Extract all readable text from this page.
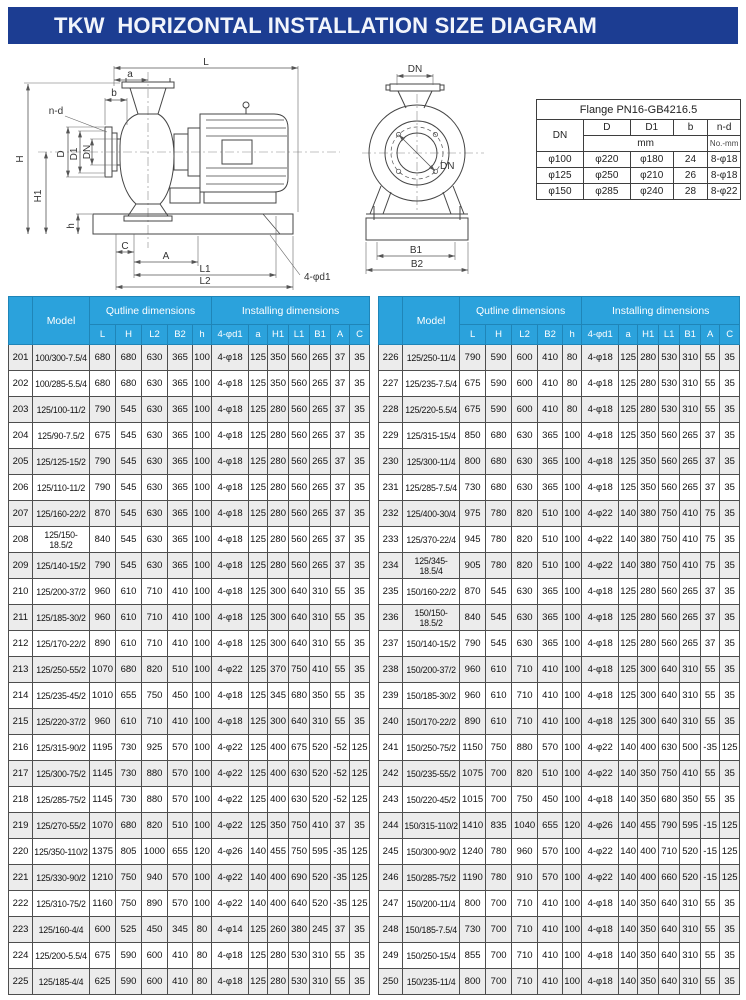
TKW  HORIZONTAL INSTALLATION SIZE DIAGRAM
L
a
b
n-d
H
H1
D D1 DN
h
C
A
L1
L2	4-φd1
DN
DN
B1
B2
Flange PN16-GB4216.5				
DN	D	D1	b	n-d
	mm			No.-mm
φ100	φ220	φ180	24	8-φ18
φ125	φ250	φ210	26	8-φ18
φ150	φ285	φ240	28	8-φ22
	Model	Qutline dimensions					Installing dimensions						
		L	H	L2	B2	h	4-φd1	a	H1	L1	B1	A	C
201	100/300-7.5/4	680	680	630	365	100	4-φ18	125	350	560	265	37	35
202	100/285-5.5/4	680	680	630	365	100	4-φ18	125	350	560	265	37	35
203	125/100-11/2	790	545	630	365	100	4-φ18	125	280	560	265	37	35
204	125/90-7.5/2	675	545	630	365	100	4-φ18	125	280	560	265	37	35
205	125/125-15/2	790	545	630	365	100	4-φ18	125	280	560	265	37	35
206	125/110-11/2	790	545	630	365	100	4-φ18	125	280	560	265	37	35
207	125/160-22/2	870	545	630	365	100	4-φ18	125	280	560	265	37	35
208	125/150-18.5/2	840	545	630	365	100	4-φ18	125	280	560	265	37	35
209	125/140-15/2	790	545	630	365	100	4-φ18	125	280	560	265	37	35
210	125/200-37/2	960	610	710	410	100	4-φ18	125	300	640	310	55	35
211	125/185-30/2	960	610	710	410	100	4-φ18	125	300	640	310	55	35
212	125/170-22/2	890	610	710	410	100	4-φ18	125	300	640	310	55	35
213	125/250-55/2	1070	680	820	510	100	4-φ22	125	370	750	410	55	35
214	125/235-45/2	1010	655	750	450	100	4-φ18	125	345	680	350	55	35
215	125/220-37/2	960	610	710	410	100	4-φ18	125	300	640	310	55	35
216	125/315-90/2	1195	730	925	570	100	4-φ22	125	400	675	520	-52	125
217	125/300-75/2	1145	730	880	570	100	4-φ22	125	400	630	520	-52	125
218	125/285-75/2	1145	730	880	570	100	4-φ22	125	400	630	520	-52	125
219	125/270-55/2	1070	680	820	510	100	4-φ22	125	350	750	410	37	35
220	125/350-110/2	1375	805	1000	655	120	4-φ26	140	455	750	595	-35	125
221	125/330-90/2	1210	750	940	570	100	4-φ22	140	400	690	520	-35	125
222	125/310-75/2	1160	750	890	570	100	4-φ22	140	400	640	520	-35	125
223	125/160-4/4	600	525	450	345	80	4-φ14	125	260	380	245	37	35
224	125/200-5.5/4	675	590	600	410	80	4-φ18	125	280	530	310	55	35
225	125/185-4/4	625	590	600	410	80	4-φ18	125	280	530	310	55	35
	Model	Qutline dimensions					Installing dimensions						
		L	H	L2	B2	h	4-φd1	a	H1	L1	B1	A	C
226	125/250-11/4	790	590	600	410	80	4-φ18	125	280	530	310	55	35
227	125/235-7.5/4	675	590	600	410	80	4-φ18	125	280	530	310	55	35
228	125/220-5.5/4	675	590	600	410	80	4-φ18	125	280	530	310	55	35
229	125/315-15/4	850	680	630	365	100	4-φ18	125	350	560	265	37	35
230	125/300-11/4	800	680	630	365	100	4-φ18	125	350	560	265	37	35
231	125/285-7.5/4	730	680	630	365	100	4-φ18	125	350	560	265	37	35
232	125/400-30/4	975	780	820	510	100	4-φ22	140	380	750	410	75	35
233	125/370-22/4	945	780	820	510	100	4-φ22	140	380	750	410	75	35
234	125/345-18.5/4	905	780	820	510	100	4-φ22	140	380	750	410	75	35
235	150/160-22/2	870	545	630	365	100	4-φ18	125	280	560	265	37	35
236	150/150-18.5/2	840	545	630	365	100	4-φ18	125	280	560	265	37	35
237	150/140-15/2	790	545	630	365	100	4-φ18	125	280	560	265	37	35
238	150/200-37/2	960	610	710	410	100	4-φ18	125	300	640	310	55	35
239	150/185-30/2	960	610	710	410	100	4-φ18	125	300	640	310	55	35
240	150/170-22/2	890	610	710	410	100	4-φ18	125	300	640	310	55	35
241	150/250-75/2	1150	750	880	570	100	4-φ22	140	400	630	500	-35	125
242	150/235-55/2	1075	700	820	510	100	4-φ22	140	350	750	410	55	35
243	150/220-45/2	1015	700	750	450	100	4-φ18	140	350	680	350	55	35
244	150/315-110/2	1410	835	1040	655	120	4-φ26	140	455	790	595	-15	125
245	150/300-90/2	1240	780	960	570	100	4-φ22	140	400	710	520	-15	125
246	150/285-75/2	1190	780	910	570	100	4-φ22	140	400	660	520	-15	125
247	150/200-11/4	800	700	710	410	100	4-φ18	140	350	640	310	55	35
248	150/185-7.5/4	730	700	710	410	100	4-φ18	140	350	640	310	55	35
249	150/250-15/4	855	700	710	410	100	4-φ18	140	350	640	310	55	35
250	150/235-11/4	800	700	710	410	100	4-φ18	140	350	640	310	55	35
